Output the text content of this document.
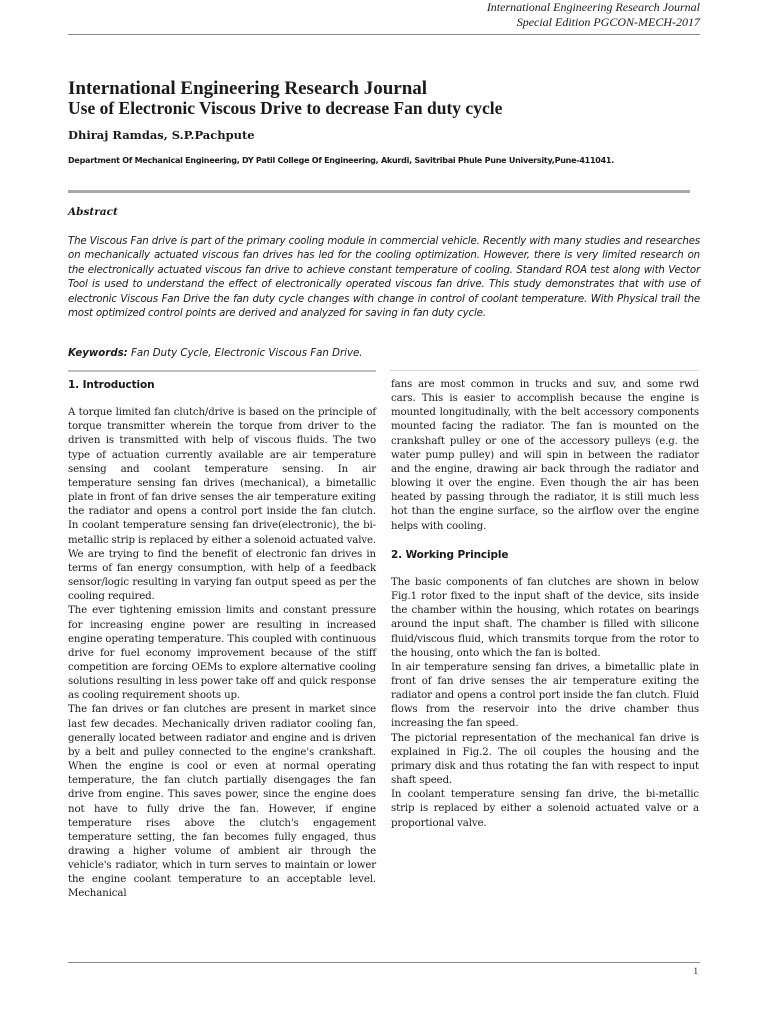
International Engineering Research Journal
Special Edition PGCON-MECH-2017
International Engineering Research Journal
Use of Electronic Viscous Drive to decrease Fan duty cycle
Dhiraj Ramdas, S.P.Pachpute
Department Of Mechanical Engineering, DY Patil College Of Engineering, Akurdi, Savitribai Phule Pune University,Pune-411041.
Abstract

The Viscous Fan drive is part of the primary cooling module in commercial vehicle. Recently with many studies and researches on mechanically actuated viscous fan drives has led for the cooling optimization. However, there is very limited research on the electronically actuated viscous fan drive to achieve constant temperature of cooling. Standard ROA test along with Vector Tool is used to understand the effect of electronically operated viscous fan drive. This study demonstrates that with use of electronic Viscous Fan Drive the fan duty cycle changes with change in control of coolant temperature. With Physical trail the most optimized control points are derived and analyzed for saving in fan duty cycle.

Keywords: Fan Duty Cycle, Electronic Viscous Fan Drive.
1. Introduction

A torque limited fan clutch/drive is based on the principle of torque transmitter wherein the torque from driver to the driven is transmitted with help of viscous fluids. The two type of actuation currently available are air temperature sensing and coolant temperature sensing. In air temperature sensing fan drives (mechanical), a bimetallic plate in front of fan drive senses the air temperature exiting the radiator and opens a control port inside the fan clutch. In coolant temperature sensing fan drive(electronic), the bi-metallic strip is replaced by either a solenoid actuated valve. We are trying to find the benefit of electronic fan drives in terms of fan energy consumption, with help of a feedback sensor/logic resulting in varying fan output speed as per the cooling required.

The ever tightening emission limits and constant pressure for increasing engine power are resulting in increased engine operating temperature. This coupled with continuous drive for fuel economy improvement because of the stiff competition are forcing OEMs to explore alternative cooling solutions resulting in less power take off and quick response as cooling requirement shoots up.

The fan drives or fan clutches are present in market since last few decades. Mechanically driven radiator cooling fan, generally located between radiator and engine and is driven by a belt and pulley connected to the engine's crankshaft. When the engine is cool or even at normal operating temperature, the fan clutch partially disengages the fan drive from engine. This saves power, since the engine does not have to fully drive the fan. However, if engine temperature rises above the clutch's engagement temperature setting, the fan becomes fully engaged, thus drawing a higher volume of ambient air through the vehicle's radiator, which in turn serves to maintain or lower the engine coolant temperature to an acceptable level. Mechanical

fans are most common in trucks and suv, and some rwd cars. This is easier to accomplish because the engine is mounted longitudinally, with the belt accessory components mounted facing the radiator. The fan is mounted on the crankshaft pulley or one of the accessory pulleys (e.g. the water pump pulley) and will spin in between the radiator and the engine, drawing air back through the radiator and blowing it over the engine. Even though the air has been heated by passing through the radiator, it is still much less hot than the engine surface, so the airflow over the engine helps with cooling.

2. Working Principle

The basic components of fan clutches are shown in below Fig.1 rotor fixed to the input shaft of the device, sits inside the chamber within the housing, which rotates on bearings around the input shaft. The chamber is filled with silicone fluid/viscous fluid, which transmits torque from the rotor to the housing, onto which the fan is bolted.

In air temperature sensing fan drives, a bimetallic plate in front of fan drive senses the air temperature exiting the radiator and opens a control port inside the fan clutch. Fluid flows from the reservoir into the drive chamber thus increasing the fan speed.

The pictorial representation of the mechanical fan drive is explained in Fig.2. The oil couples the housing and the primary disk and thus rotating the fan with respect to input shaft speed.

In coolant temperature sensing fan drive, the bi-metallic strip is replaced by either a solenoid actuated valve or a proportional valve.

1
